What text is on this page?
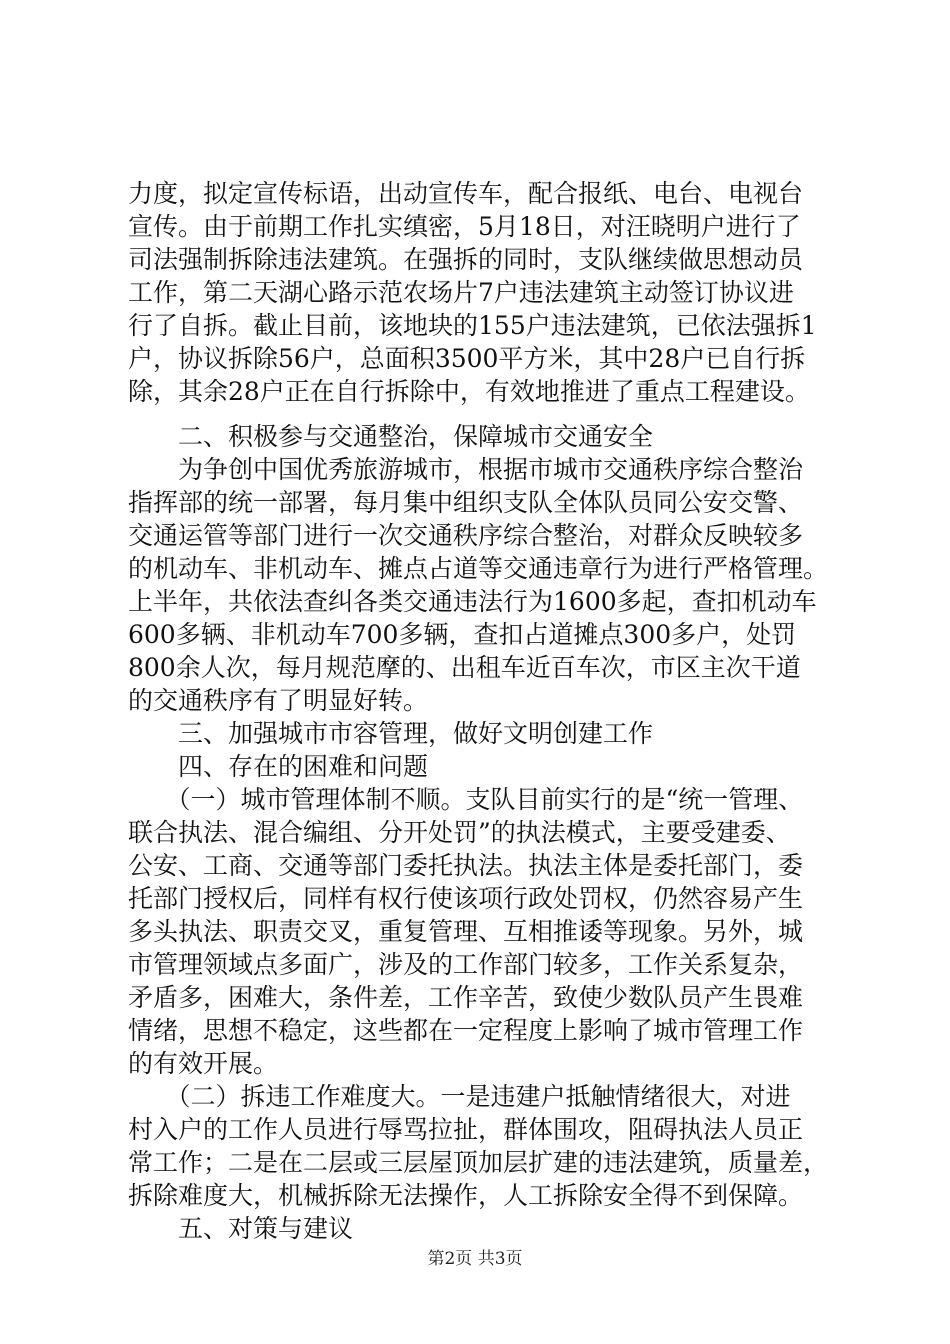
力度，拟定宣传标语，出动宣传车，配合报纸、电台、电视台
宣传。由于前期工作扎实缜密，5月18日，对汪晓明户进行了
司法强制拆除违法建筑。在强拆的同时，支队继续做思想动员
工作，第二天湖心路示范农场片7户违法建筑主动签订协议进
行了自拆。截止目前，该地块的155户违法建筑，已依法强拆1
户，协议拆除56户，总面积3500平方米，其中28户已自行拆
除，其余28户正在自行拆除中，有效地推进了重点工程建设。
　　二、积极参与交通整治，保障城市交通安全
　　为争创中国优秀旅游城市，根据市城市交通秩序综合整治
指挥部的统一部署，每月集中组织支队全体队员同公安交警、
交通运管等部门进行一次交通秩序综合整治，对群众反映较多
的机动车、非机动车、摊点占道等交通违章行为进行严格管理。
上半年，共依法查纠各类交通违法行为1600多起，查扣机动车
600多辆、非机动车700多辆，查扣占道摊点300多户，处罚
800余人次，每月规范摩的、出租车近百车次，市区主次干道
的交通秩序有了明显好转。
　　三、加强城市市容管理，做好文明创建工作
　　四、存在的困难和问题
　　（一）城市管理体制不顺。支队目前实行的是“统一管理、
联合执法、混合编组、分开处罚”的执法模式，主要受建委、
公安、工商、交通等部门委托执法。执法主体是委托部门，委
托部门授权后，同样有权行使该项行政处罚权，仍然容易产生
多头执法、职责交叉，重复管理、互相推诿等现象。另外，城
市管理领域点多面广，涉及的工作部门较多，工作关系复杂，
矛盾多，困难大，条件差，工作辛苦，致使少数队员产生畏难
情绪，思想不稳定，这些都在一定程度上影响了城市管理工作
的有效开展。
　　（二）拆违工作难度大。一是违建户抵触情绪很大，对进
村入户的工作人员进行辱骂拉扯，群体围攻，阻碍执法人员正
常工作；二是在二层或三层屋顶加层扩建的违法建筑，质量差，
拆除难度大，机械拆除无法操作，人工拆除安全得不到保障。
　　五、对策与建议
第2页 共3页
